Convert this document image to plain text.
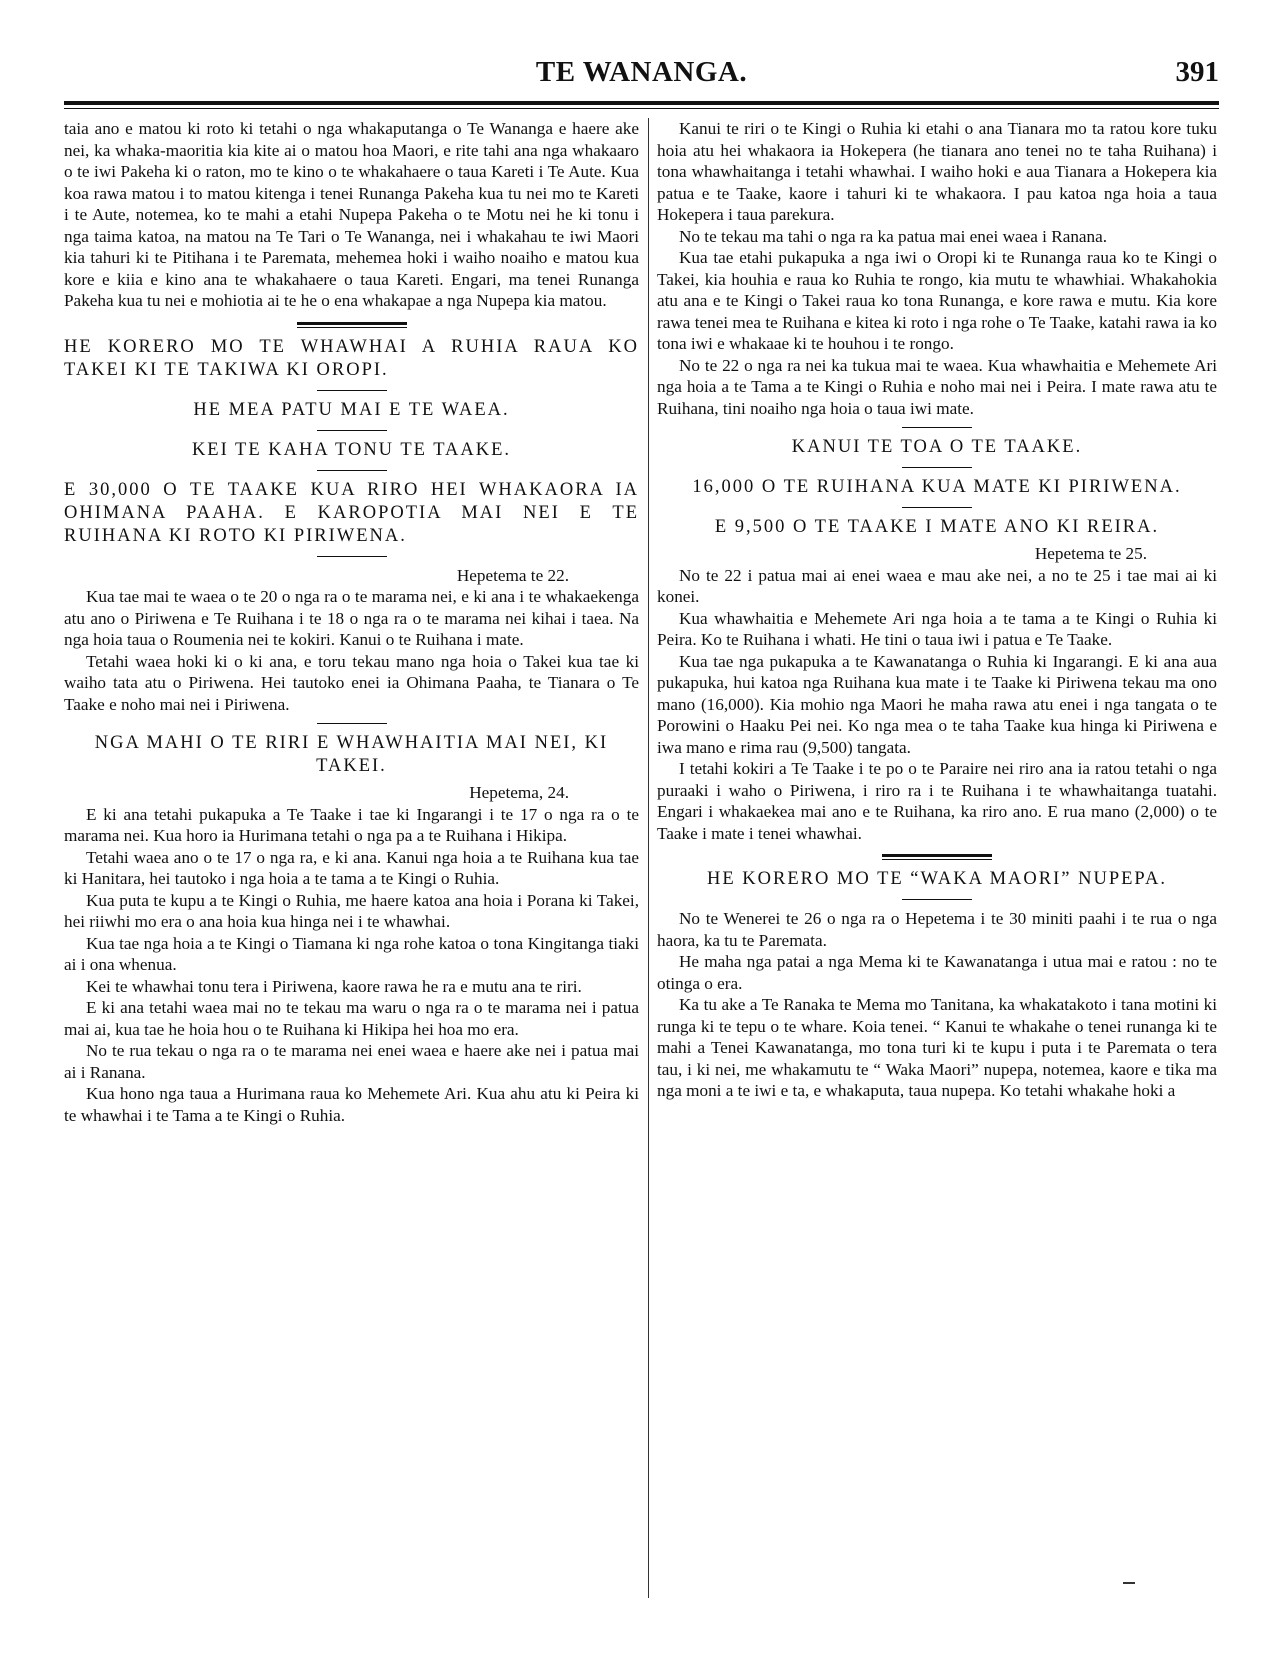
TE WANANGA.	391

taia ano e matou ki roto ki tetahi o nga whakaputanga o Te Wananga e haere ake nei, ka whaka-maoritia kia kite ai o matou hoa Maori, e rite tahi ana nga whakaaro o te iwi Pakeha ki o raton, mo te kino o te whakahaere o taua Kareti i Te Aute. Kua koa rawa matou i to matou kitenga i tenei Runanga Pakeha kua tu nei mo te Kareti i te Aute, notemea, ko te mahi a etahi Nupepa Pakeha o te Motu nei he ki tonu i nga taima katoa, na matou na Te Tari o Te Wananga, nei i whakahau te iwi Maori kia tahuri ki te Pitihana i te Paremata, mehemea hoki i waiho noaiho e matou kua kore e kiia e kino ana te whakahaere o taua Kareti. Engari, ma tenei Runanga Pakeha kua tu nei e mohiotia ai te he o ena whakapae a nga Nupepa kia matou.

HE KORERO MO TE WHAWHAI A RUHIA RAUA KO TAKEI KI TE TAKIWA KI OROPI.
HE MEA PATU MAI E TE WAEA.
KEI TE KAHA TONU TE TAAKE.
E 30,000 O TE TAAKE KUA RIRO HEI WHAKAORA IA OHIMANA PAAHA. E KAROPOTIA MAI NEI E TE RUIHANA KI ROTO KI PIRIWENA.

Hepetema te 22.

Kua tae mai te waea o te 20 o nga ra o te marama nei, e ki ana i te whakaekenga atu ano o Piriwena e Te Ruihana i te 18 o nga ra o te marama nei kihai i taea. Na nga hoia taua o Roumenia nei te kokiri. Kanui o te Ruihana i mate.

Tetahi waea hoki ki o ki ana, e toru tekau mano nga hoia o Takei kua tae ki waiho tata atu o Piriwena. Hei tautoko enei ia Ohimana Paaha, te Tianara o Te Taake e noho mai nei i Piriwena.

NGA MAHI O TE RIRI E WHAWHAITIA MAI NEI, KI TAKEI.

Hepetema, 24.

E ki ana tetahi pukapuka a Te Taake i tae ki Ingarangi i te 17 o nga ra o te marama nei. Kua horo ia Hurimana tetahi o nga pa a te Ruihana i Hikipa.

Tetahi waea ano o te 17 o nga ra, e ki ana. Kanui nga hoia a te Ruihana kua tae ki Hanitara, hei tautoko i nga hoia a te tama a te Kingi o Ruhia.

Kua puta te kupu a te Kingi o Ruhia, me haere katoa ana hoia i Porana ki Takei, hei riiwhi mo era o ana hoia kua hinga nei i te whawhai.

Kua tae nga hoia a te Kingi o Tiamana ki nga rohe katoa o tona Kingitanga tiaki ai i ona whenua.

Kei te whawhai tonu tera i Piriwena, kaore rawa he ra e mutu ana te riri.

E ki ana tetahi waea mai no te tekau ma waru o nga ra o te marama nei i patua mai ai, kua tae he hoia hou o te Ruihana ki Hikipa hei hoa mo era.

No te rua tekau o nga ra o te marama nei enei waea e haere ake nei i patua mai ai i Ranana.

Kua hono nga taua a Hurimana raua ko Mehemete Ari. Kua ahu atu ki Peira ki te whawhai i te Tama a te Kingi o Ruhia.

Kanui te riri o te Kingi o Ruhia ki etahi o ana Tianara mo ta ratou kore tuku hoia atu hei whakaora ia Hokepera (he tianara ano tenei no te taha Ruihana) i tona whawhaitanga i tetahi whawhai. I waiho hoki e aua Tianara a Hokepera kia patua e te Taake, kaore i tahuri ki te whakaora. I pau katoa nga hoia a taua Hokepera i taua parekura.

No te tekau ma tahi o nga ra ka patua mai enei waea i Ranana.

Kua tae etahi pukapuka a nga iwi o Oropi ki te Runanga raua ko te Kingi o Takei, kia houhia e raua ko Ruhia te rongo, kia mutu te whawhiai. Whakahokia atu ana e te Kingi o Takei raua ko tona Runanga, e kore rawa e mutu. Kia kore rawa tenei mea te Ruihana e kitea ki roto i nga rohe o Te Taake, katahi rawa ia ko tona iwi e whakaae ki te houhou i te rongo.

No te 22 o nga ra nei ka tukua mai te waea. Kua whawhaitia e Mehemete Ari nga hoia a te Tama a te Kingi o Ruhia e noho mai nei i Peira. I mate rawa atu te Ruihana, tini noaiho nga hoia o taua iwi mate.

KANUI TE TOA O TE TAAKE.
16,000 O TE RUIHANA KUA MATE KI PIRIWENA.
E 9,500 O TE TAAKE I MATE ANO KI REIRA.

Hepetema te 25.

No te 22 i patua mai ai enei waea e mau ake nei, a no te 25 i tae mai ai ki konei.

Kua whawhaitia e Mehemete Ari nga hoia a te tama a te Kingi o Ruhia ki Peira. Ko te Ruihana i whati. He tini o taua iwi i patua e Te Taake.

Kua tae nga pukapuka a te Kawanatanga o Ruhia ki Ingarangi. E ki ana aua pukapuka, hui katoa nga Ruihana kua mate i te Taake ki Piriwena tekau ma ono mano (16,000). Kia mohio nga Maori he maha rawa atu enei i nga tangata o te Porowini o Haaku Pei nei. Ko nga mea o te taha Taake kua hinga ki Piriwena e iwa mano e rima rau (9,500) tangata.

I tetahi kokiri a Te Taake i te po o te Paraire nei riro ana ia ratou tetahi o nga puraaki i waho o Piriwena, i riro ra i te Ruihana i te whawhaitanga tuatahi. Engari i whakaekea mai ano e te Ruihana, ka riro ano. E rua mano (2,000) o te Taake i mate i tenei whawhai.

HE KORERO MO TE “WAKA MAORI” NUPEPA.

No te Wenerei te 26 o nga ra o Hepetema i te 30 miniti paahi i te rua o nga haora, ka tu te Paremata.

He maha nga patai a nga Mema ki te Kawanatanga i utua mai e ratou : no te otinga o era.

Ka tu ake a Te Ranaka te Mema mo Tanitana, ka whakatakoto i tana motini ki runga ki te tepu o te whare. Koia tenei. “ Kanui te whakahe o tenei runanga ki te mahi a Tenei Kawanatanga, mo tona turi ki te kupu i puta i te Paremata o tera tau, i ki nei, me whakamutu te “ Waka Maori” nupepa, notemea, kaore e tika ma nga moni a te iwi e ta, e whakaputa, taua nupepa. Ko tetahi whakahe hoki a
